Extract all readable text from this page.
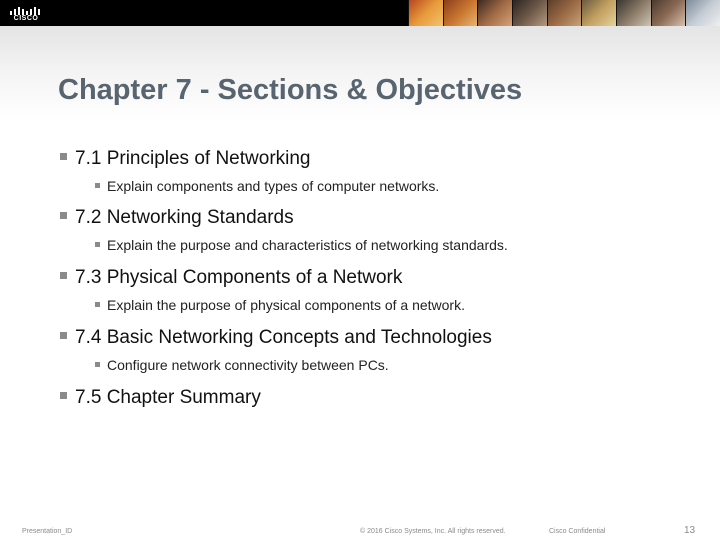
CISCO
Chapter 7 - Sections & Objectives
7.1 Principles of Networking
Explain components and types of computer networks.
7.2 Networking Standards
Explain the purpose and characteristics of networking standards.
7.3 Physical Components of a Network
Explain the purpose of physical components of a network.
7.4 Basic Networking Concepts and Technologies
Configure network connectivity between PCs.
7.5 Chapter Summary
Presentation_ID	© 2016 Cisco Systems, Inc. All rights reserved.	Cisco Confidential	13
